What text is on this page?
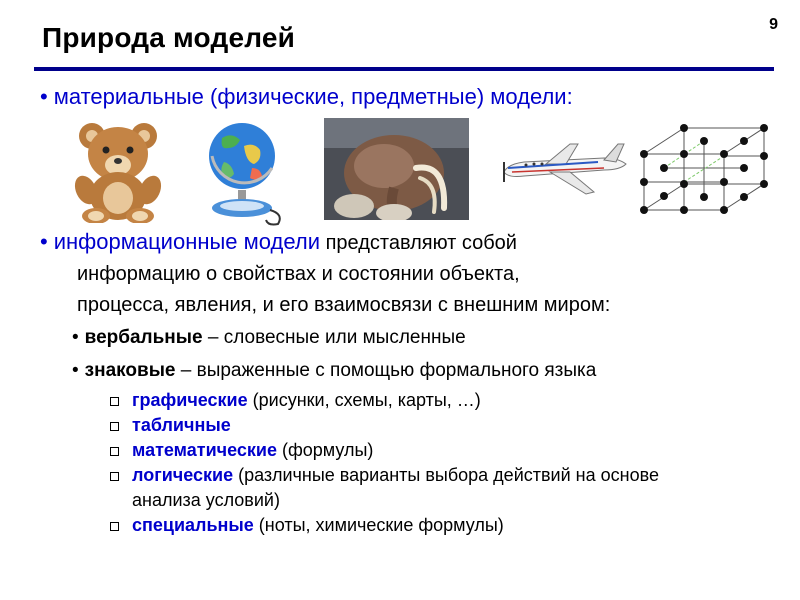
9
Природа моделей
• материальные (физические, предметные) модели:
• информационные модели представляют собой
информацию о свойствах и состоянии объекта,
процесса, явления, и его взаимосвязи с внешним миром:
• вербальные – словесные или мысленные
• знаковые – выраженные с помощью формального языка
графические (рисунки, схемы, карты, …)
табличные
математические (формулы)
логические (различные варианты выбора действий на основе анализа условий)
специальные (ноты, химические формулы)
